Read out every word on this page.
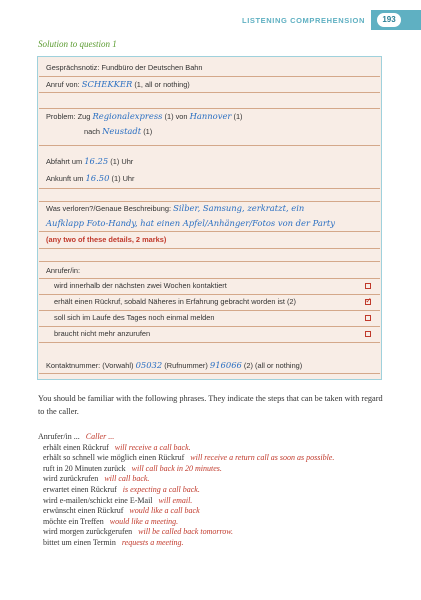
LISTENING COMPREHENSION	193
Solution to question 1
Gesprächsnotiz: Fundbüro der Deutschen Bahn
Anruf von: SCHEKKER (1, all or nothing)
Problem: Zug Regionalexpress (1) von Hannover (1)
nach Neustadt (1)
Abfahrt um 16.25 (1) Uhr
Ankunft um 16.50 (1) Uhr
Was verloren?/Genaue Beschreibung: Silber, Samsung, zerkratzt, ein
Aufklapp Foto-Handy, hat einen Apfel/Anhänger/Fotos von der Party
(any two of these details, 2 marks)
Anrufer/in:
wird innerhalb der nächsten zwei Wochen kontaktiert
erhält einen Rückruf, sobald Näheres in Erfahrung gebracht worden ist (2)	✓
soll sich im Laufe des Tages noch einmal melden
braucht nicht mehr anzurufen
Kontaktnummer: (Vorwahl) 05032 (Rufnummer) 916066 (2) (all or nothing)
You should be familiar with the following phrases. They indicate the steps that can be taken with regard to the caller.
Anrufer/in ... Caller ...
erhält einen Rückruf will receive a call back.
erhält so schnell wie möglich einen Rückruf will receive a return call as soon as possible.
ruft in 20 Minuten zurück will call back in 20 minutes.
wird zurückrufen will call back.
erwartet einen Rückruf is expecting a call back.
wird e-mailen/schickt eine E-Mail will email.
erwünscht einen Rückruf would like a call back
möchte ein Treffen would like a meeting.
wird morgen zurückgerufen will be called back tomorrow.
bittet um einen Termin requests a meeting.
